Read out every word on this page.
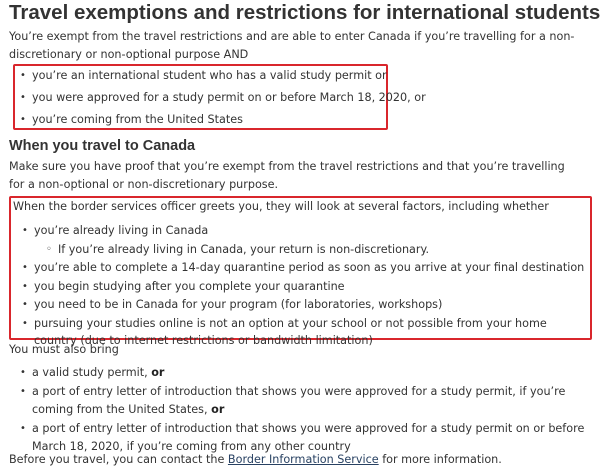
Travel exemptions and restrictions for international students

You’re exempt from the travel restrictions and are able to enter Canada if you’re travelling for a non-discretionary or non-optional purpose AND

• you’re an international student who has a valid study permit or
• you were approved for a study permit on or before March 18, 2020, or
• you’re coming from the United States
When you travel to Canada

Make sure you have proof that you’re exempt from the travel restrictions and that you’re travelling for a non-optional or non-discretionary purpose.

When the border services officer greets you, they will look at several factors, including whether

• you’re already living in Canada
◦ If you’re already living in Canada, your return is non-discretionary.
• you’re able to complete a 14-day quarantine period as soon as you arrive at your final destination
• you begin studying after you complete your quarantine
• you need to be in Canada for your program (for laboratories, workshops)
• pursuing your studies online is not an option at your school or not possible from your home country (due to internet restrictions or bandwidth limitation)

You must also bring

• a valid study permit, or
• a port of entry letter of introduction that shows you were approved for a study permit, if you’re coming from the United States, or
• a port of entry letter of introduction that shows you were approved for a study permit on or before March 18, 2020, if you’re coming from any other country

Before you travel, you can contact the Border Information Service for more information.
